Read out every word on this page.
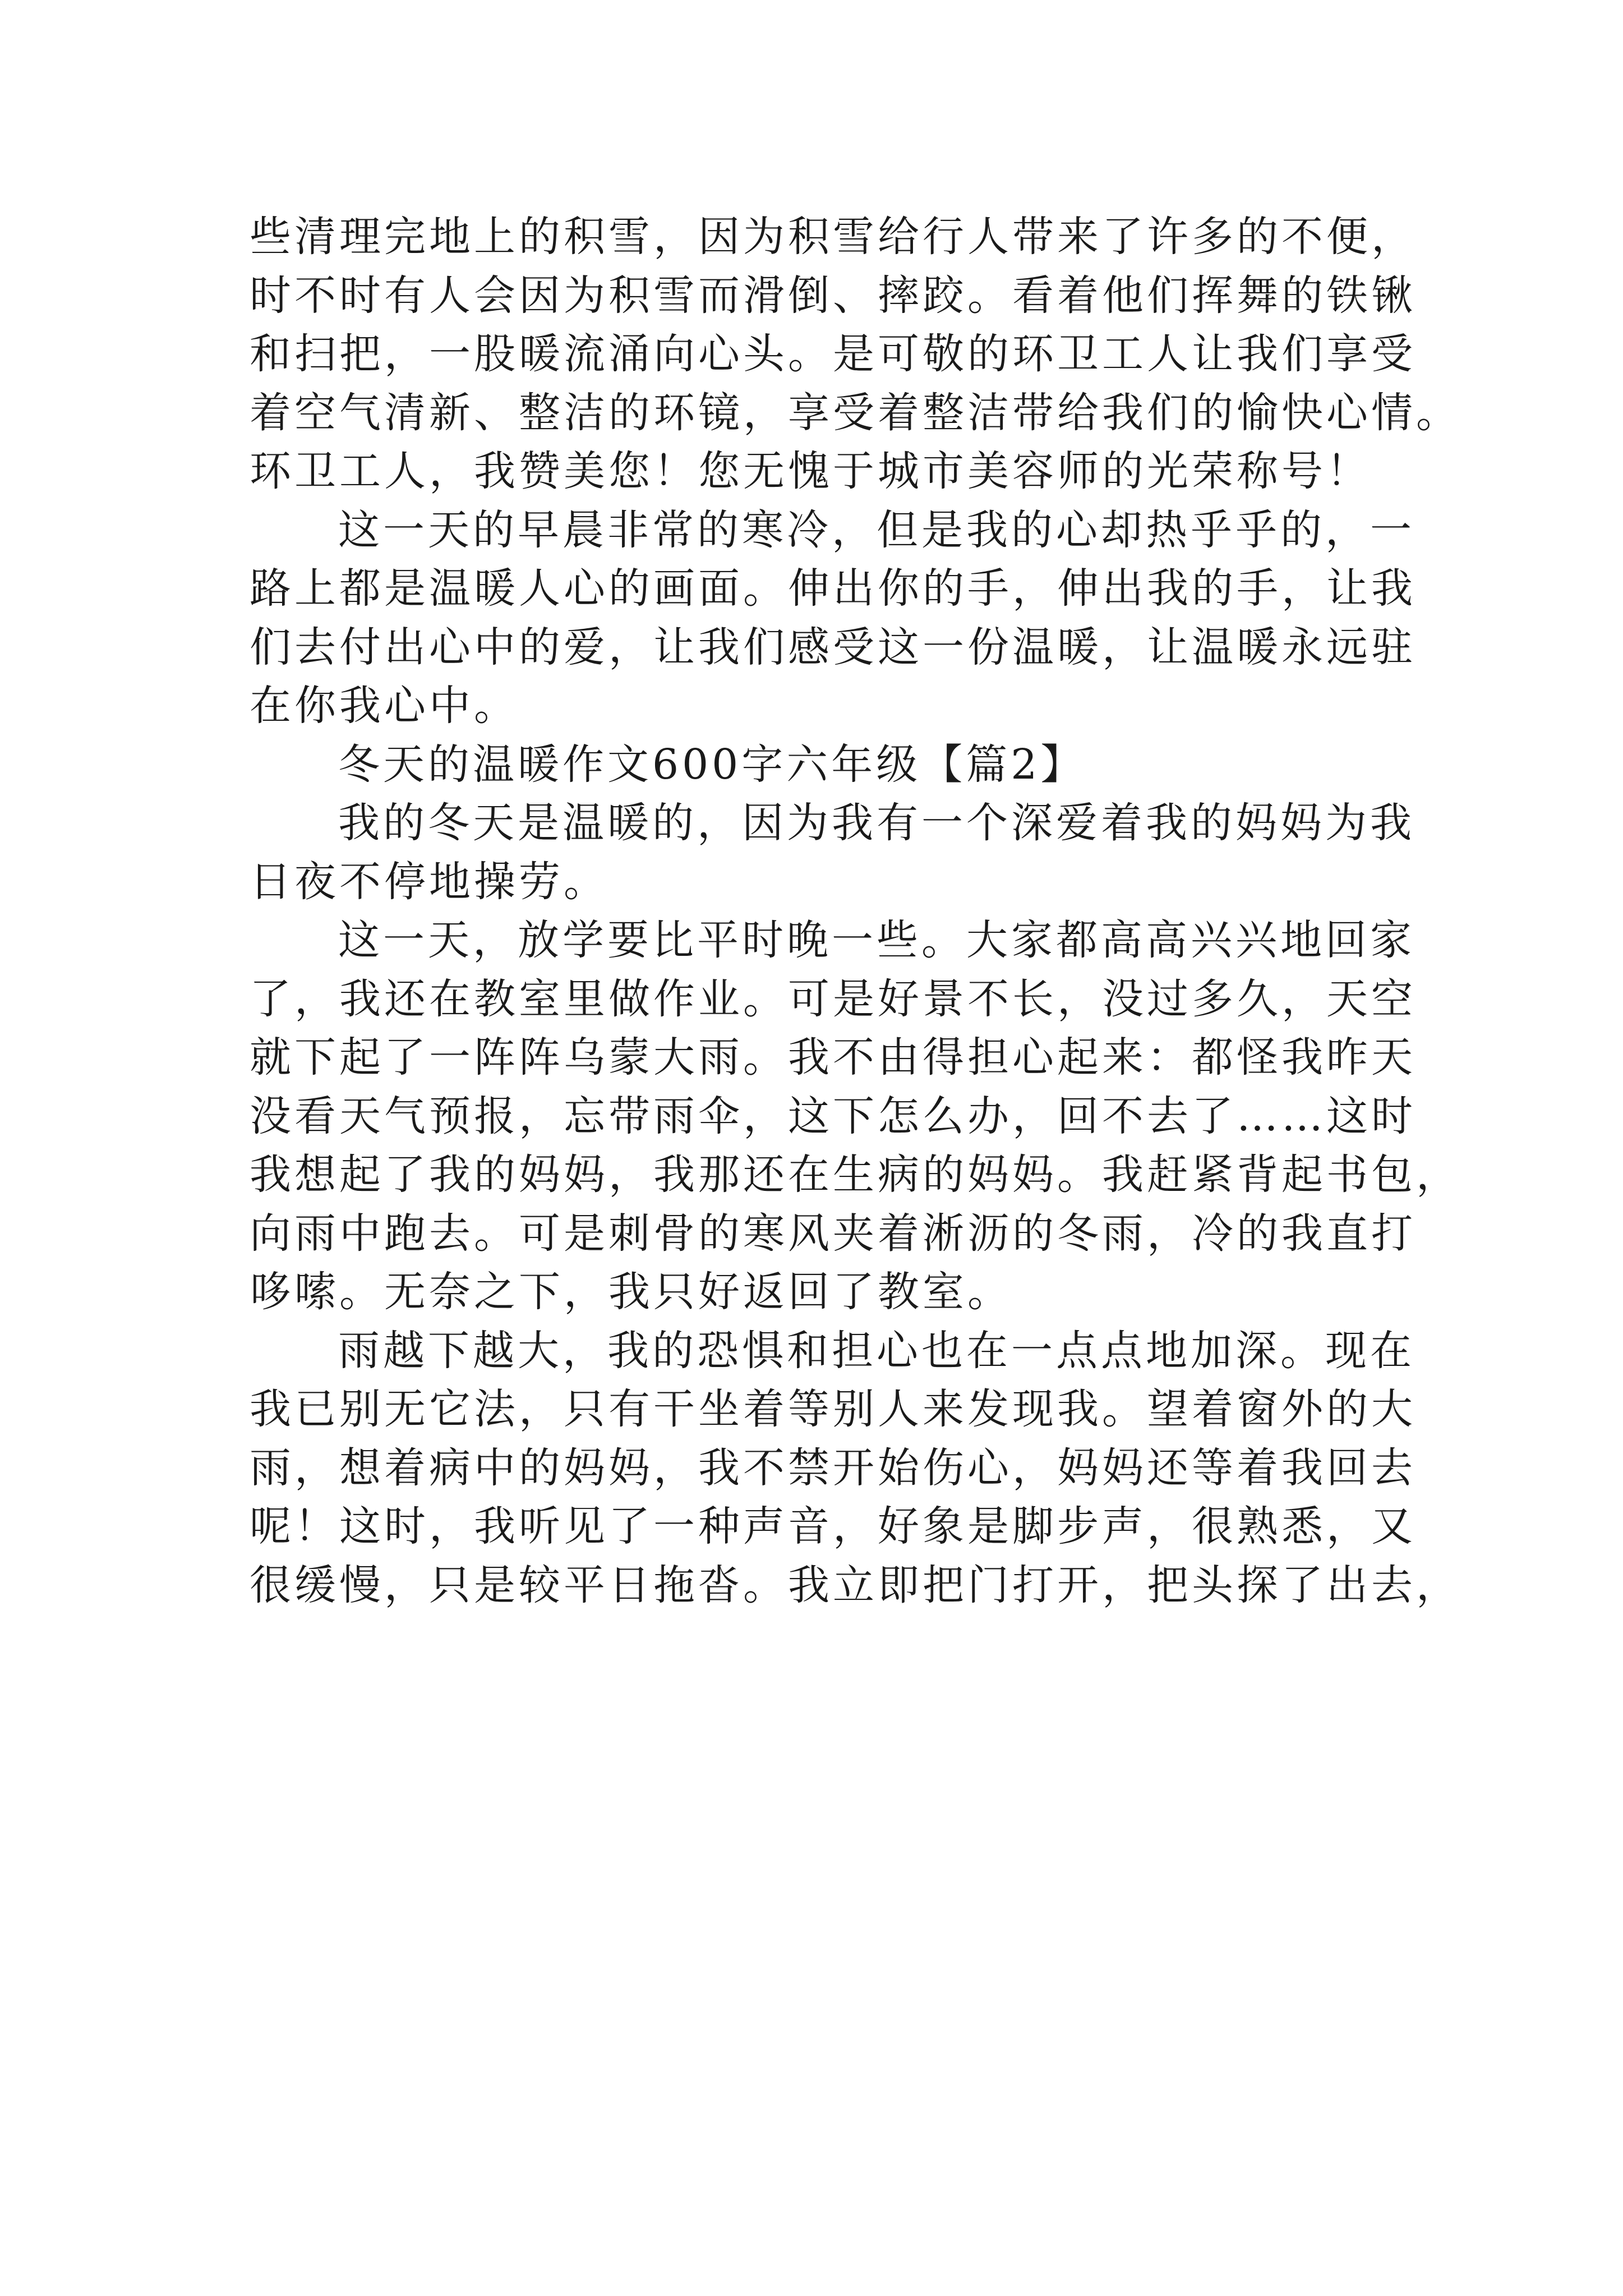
些清理完地上的积雪，因为积雪给行人带来了许多的不便，
时不时有人会因为积雪而滑倒、摔跤。看着他们挥舞的铁锹
和扫把，一股暖流涌向心头。是可敬的环卫工人让我们享受
着空气清新、整洁的环镜，享受着整洁带给我们的愉快心情。
环卫工人，我赞美您！您无愧于城市美容师的光荣称号！
这一天的早晨非常的寒冷，但是我的心却热乎乎的，一
路上都是温暖人心的画面。伸出你的手，伸出我的手，让我
们去付出心中的爱，让我们感受这一份温暖，让温暖永远驻
在你我心中。
冬天的温暖作文600字六年级【篇2】
我的冬天是温暖的，因为我有一个深爱着我的妈妈为我
日夜不停地操劳。
这一天，放学要比平时晚一些。大家都高高兴兴地回家
了，我还在教室里做作业。可是好景不长，没过多久，天空
就下起了一阵阵乌蒙大雨。我不由得担心起来：都怪我昨天
没看天气预报，忘带雨伞，这下怎么办，回不去了……这时
我想起了我的妈妈，我那还在生病的妈妈。我赶紧背起书包，
向雨中跑去。可是刺骨的寒风夹着淅沥的冬雨，冷的我直打
哆嗦。无奈之下，我只好返回了教室。
雨越下越大，我的恐惧和担心也在一点点地加深。现在
我已别无它法，只有干坐着等别人来发现我。望着窗外的大
雨，想着病中的妈妈，我不禁开始伤心，妈妈还等着我回去
呢！这时，我听见了一种声音，好象是脚步声，很熟悉，又
很缓慢，只是较平日拖沓。我立即把门打开，把头探了出去，
